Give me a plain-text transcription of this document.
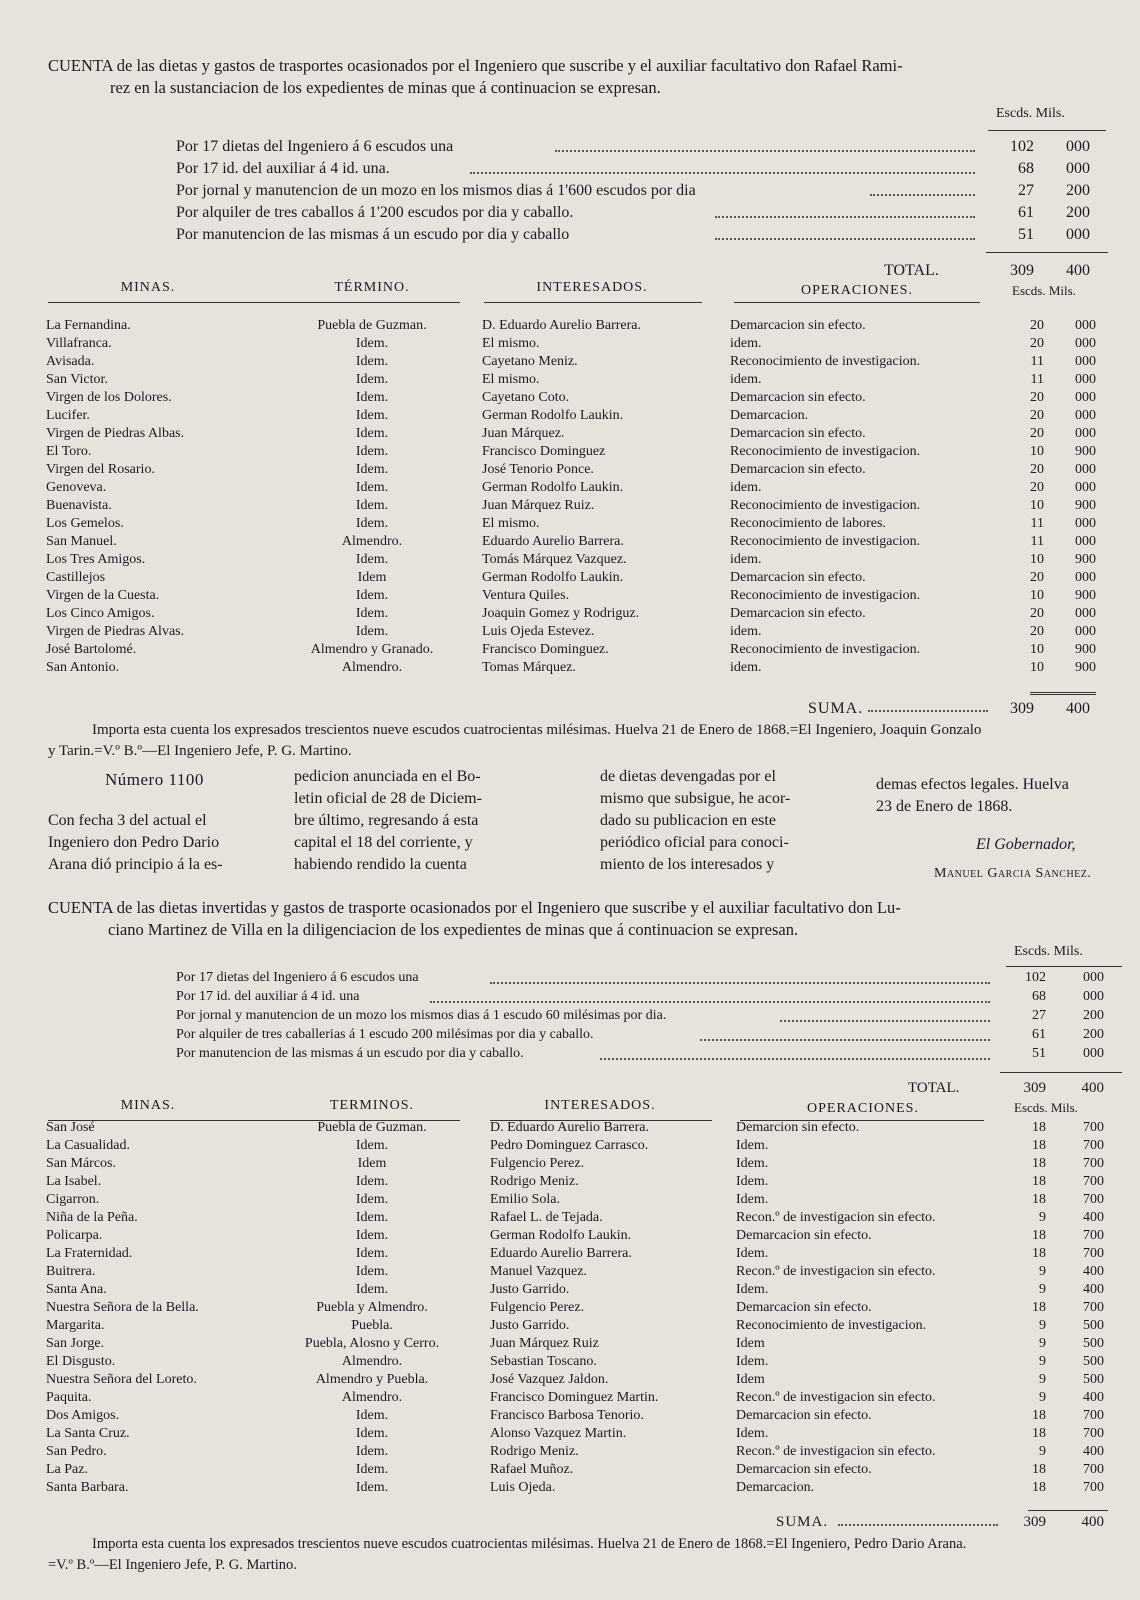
CUENTA de las dietas y gastos de trasportes ocasionados por el Ingeniero que suscribe y el auxiliar facultativo don Rafael Rami-
rez en la sustanciacion de los expedientes de minas que á continuacion se expresan.
Escds. Mils.
Por 17 dietas del Ingeniero á 6 escudos una	102	000
Por 17 id. del auxiliar á 4 id. una.	68	000
Por jornal y manutencion de un mozo en los mismos dias á 1'600 escudos por dia	27	200
Por alquiler de tres caballos á 1'200 escudos por dia y caballo.	61	200
Por manutencion de las mismas á un escudo por dia y caballo	51	000
TOTAL.	309	400
MINAS.	TÉRMINO.	INTERESADOS.	OPERACIONES.	Escds. Mils.
La Fernandina.	Puebla de Guzman.	D. Eduardo Aurelio Barrera.	Demarcacion sin efecto.	20	000
Villafranca.	Idem.	El mismo.	idem.	20	000
Avisada.	Idem.	Cayetano Meniz.	Reconocimiento de investigacion.	11	000
San Victor.	Idem.	El mismo.	idem.	11	000
Virgen de los Dolores.	Idem.	Cayetano Coto.	Demarcacion sin efecto.	20	000
Lucifer.	Idem.	German Rodolfo Laukin.	Demarcacion.	20	000
Virgen de Piedras Albas.	Idem.	Juan Márquez.	Demarcacion sin efecto.	20	000
El Toro.	Idem.	Francisco Dominguez	Reconocimiento de investigacion.	10	900
Virgen del Rosario.	Idem.	José Tenorio Ponce.	Demarcacion sin efecto.	20	000
Genoveva.	Idem.	German Rodolfo Laukin.	idem.	20	000
Buenavista.	Idem.	Juan Márquez Ruiz.	Reconocimiento de investigacion.	10	900
Los Gemelos.	Idem.	El mismo.	Reconocimiento de labores.	11	000
San Manuel.	Almendro.	Eduardo Aurelio Barrera.	Reconocimiento de investigacion.	11	000
Los Tres Amigos.	Idem.	Tomás Márquez Vazquez.	idem.	10	900
Castillejos	Idem	German Rodolfo Laukin.	Demarcacion sin efecto.	20	000
Virgen de la Cuesta.	Idem.	Ventura Quiles.	Reconocimiento de investigacion.	10	900
Los Cinco Amigos.	Idem.	Joaquin Gomez y Rodriguz.	Demarcacion sin efecto.	20	000
Virgen de Piedras Alvas.	Idem.	Luis Ojeda Estevez.	idem.	20	000
José Bartolomé.	Almendro y Granado.	Francisco Dominguez.	Reconocimiento de investigacion.	10	900
San Antonio.	Almendro.	Tomas Márquez.	idem.	10	900
SUMA.	309	400
Importa esta cuenta los expresados trescientos nueve escudos cuatrocientas milésimas. Huelva 21 de Enero de 1868.=El Ingeniero, Joaquin Gonzalo
y Tarin.=V.º B.º—El Ingeniero Jefe, P. G. Martino.
Número 1100
Con fecha 3 del actual el
Ingeniero don Pedro Dario
Arana dió principio á la es-
pedicion anunciada en el Bo-
letin oficial de 28 de Diciem-
bre último, regresando á esta
capital el 18 del corriente, y
habiendo rendido la cuenta
de dietas devengadas por el
mismo que subsigue, he acor-
dado su publicacion en este
periódico oficial para conoci-
miento de los interesados y
demas efectos legales. Huelva
23 de Enero de 1868.
El Gobernador,
Manuel Garcia Sanchez.
CUENTA de las dietas invertidas y gastos de trasporte ocasionados por el Ingeniero que suscribe y el auxiliar facultativo don Lu-
ciano Martinez de Villa en la diligenciacion de los expedientes de minas que á continuacion se expresan.
Escds. Mils.
Por 17 dietas del Ingeniero á 6 escudos una	102	000
Por 17 id. del auxiliar á 4 id. una	68	000
Por jornal y manutencion de un mozo los mismos dias á 1 escudo 60 milésimas por dia.	27	200
Por alquiler de tres caballerias á 1 escudo 200 milésimas por dia y caballo.	61	200
Por manutencion de las mismas á un escudo por dia y caballo.	51	000
TOTAL.	309	400
MINAS.	TERMINOS.	INTERESADOS.	OPERACIONES.	Escds. Mils.
San José	Puebla de Guzman.	D. Eduardo Aurelio Barrera.	Demarcion sin efecto.	18	700
La Casualidad.	Idem.	Pedro Dominguez Carrasco.	Idem.	18	700
San Márcos.	Idem	Fulgencio Perez.	Idem.	18	700
La Isabel.	Idem.	Rodrigo Meniz.	Idem.	18	700
Cigarron.	Idem.	Emilio Sola.	Idem.	18	700
Niña de la Peña.	Idem.	Rafael L. de Tejada.	Recon.º de investigacion sin efecto.	9	400
Policarpa.	Idem.	German Rodolfo Laukin.	Demarcacion sin efecto.	18	700
La Fraternidad.	Idem.	Eduardo Aurelio Barrera.	Idem.	18	700
Buitrera.	Idem.	Manuel Vazquez.	Recon.º de investigacion sin efecto.	9	400
Santa Ana.	Idem.	Justo Garrido.	Idem.	9	400
Nuestra Señora de la Bella.	Puebla y Almendro.	Fulgencio Perez.	Demarcacion sin efecto.	18	700
Margarita.	Puebla.	Justo Garrido.	Reconocimiento de investigacion.	9	500
San Jorge.	Puebla, Alosno y Cerro.	Juan Márquez Ruiz	Idem	9	500
El Disgusto.	Almendro.	Sebastian Toscano.	Idem.	9	500
Nuestra Señora del Loreto.	Almendro y Puebla.	José Vazquez Jaldon.	Idem	9	500
Paquita.	Almendro.	Francisco Dominguez Martin.	Recon.º de investigacion sin efecto.	9	400
Dos Amigos.	Idem.	Francisco Barbosa Tenorio.	Demarcacion sin efecto.	18	700
La Santa Cruz.	Idem.	Alonso Vazquez Martin.	Idem.	18	700
San Pedro.	Idem.	Rodrigo Meniz.	Recon.º de investigacion sin efecto.	9	400
La Paz.	Idem.	Rafael Muñoz.	Demarcacion sin efecto.	18	700
Santa Barbara.	Idem.	Luis Ojeda.	Demarcacion.	18	700
SUMA.	309	400
Importa esta cuenta los expresados trescientos nueve escudos cuatrocientas milésimas. Huelva 21 de Enero de 1868.=El Ingeniero, Pedro Dario Arana.
=V.º B.º—El Ingeniero Jefe, P. G. Martino.
